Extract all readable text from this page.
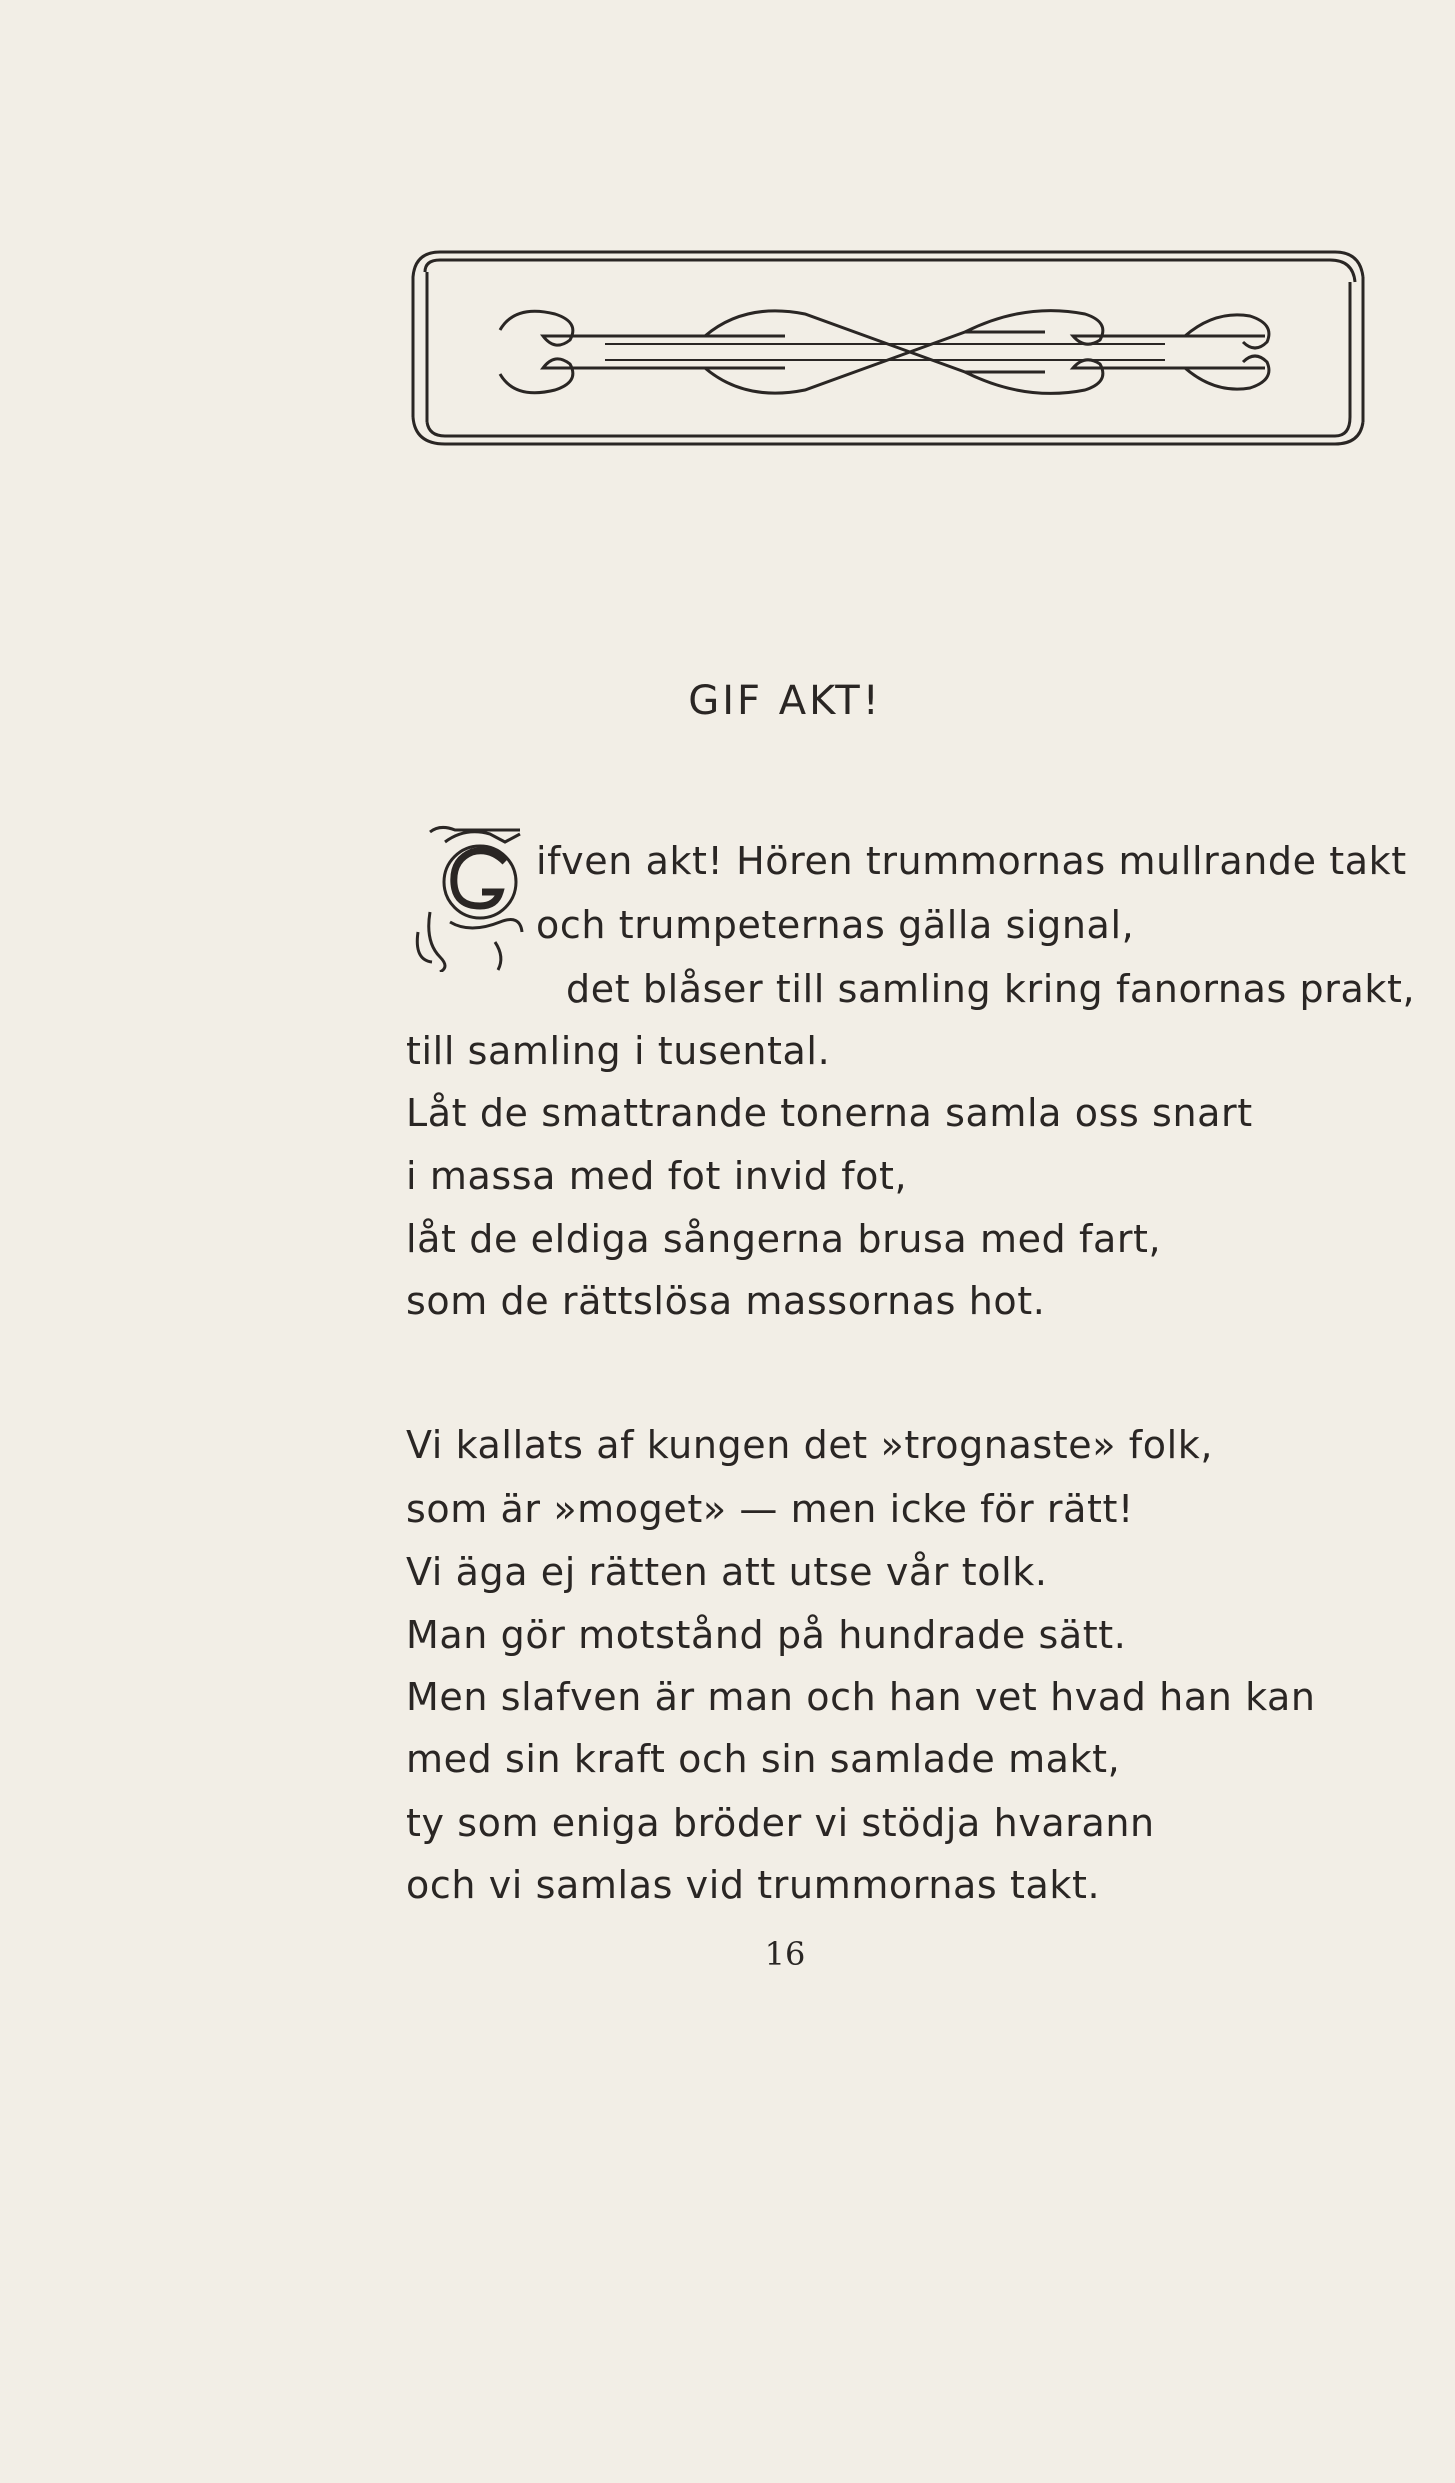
GIF AKT!
ifven akt! Hören trummornas mullrande takt
och trumpeternas gälla signal,
det blåser till samling kring fanornas prakt,
till samling i tusental.
Låt de smattrande tonerna samla oss snart
i massa med fot invid fot,
låt de eldiga sångerna brusa med fart,
som de rättslösa massornas hot.
Vi kallats af kungen det »trognaste» folk,
som är »moget» — men icke för rätt!
Vi äga ej rätten att utse vår tolk.
Man gör motstånd på hundrade sätt.
Men slafven är man och han vet hvad han kan
med sin kraft och sin samlade makt,
ty som eniga bröder vi stödja hvarann
och vi samlas vid trummornas takt.
16
